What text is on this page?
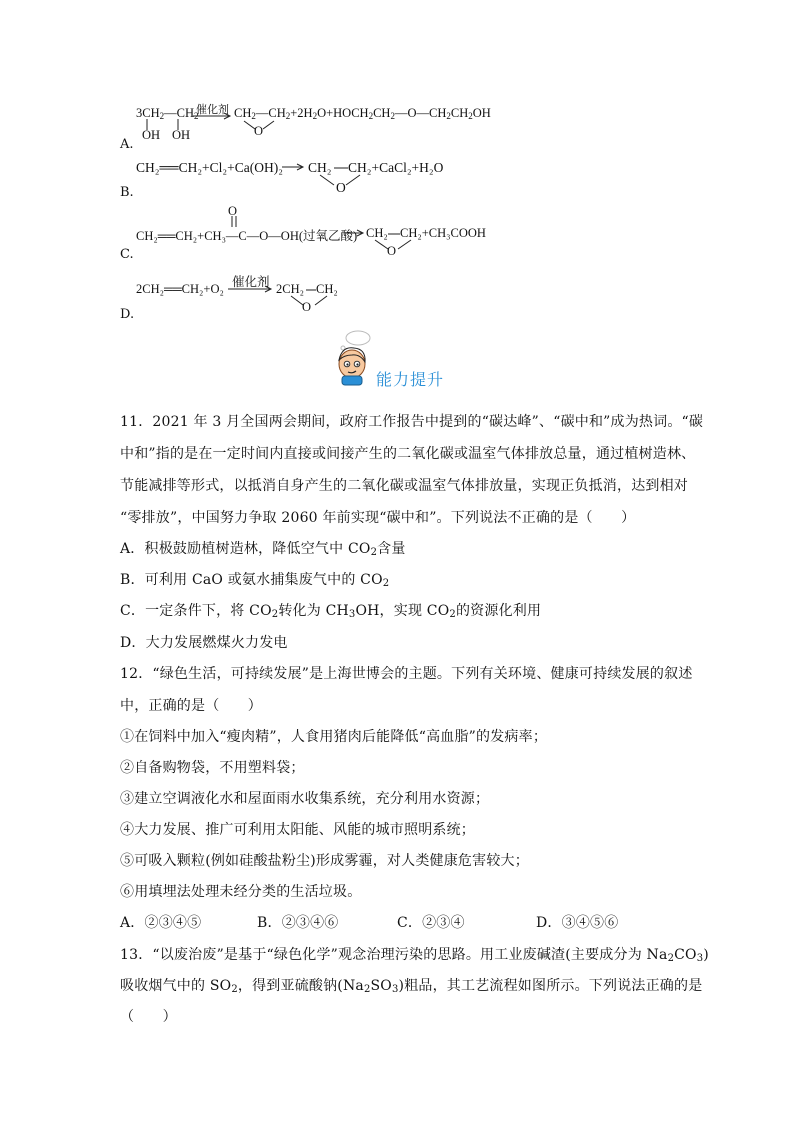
$3CH_2—CH_2$
OH OH
催化剂 $CH_2—CH_2+2H_2O+HOCH_2CH_2—O—CH_2CH_2OH$
O
A.
CH₂══CH₂+Cl₂+Ca(OH)₂ CH₂ CH₂+CaCl₂+H₂O
O
B.
O
CH₂══CH₂+CH₃—C—O—OH(过氧乙酸) CH₂ CH₂+CH₃COOH
O
C.
2CH₂══CH₂+O₂ 催化剂 2CH₂ CH₂
O
D.
能力提升
11．2021 年 3 月全国两会期间，政府工作报告中提到的“碳达峰”、“碳中和”成为热词。“碳
中和”指的是在一定时间内直接或间接产生的二氧化碳或温室气体排放总量，通过植树造林、
节能减排等形式，以抵消自身产生的二氧化碳或温室气体排放量，实现正负抵消，达到相对
“零排放”，中国努力争取 2060 年前实现“碳中和”。下列说法不正确的是（　　）
A．积极鼓励植树造林，降低空气中 $CO_2$含量
B．可利用 CaO 或氨水捕集废气中的 $CO_2$
C．一定条件下，将 $CO_2$转化为 $CH_3OH$，实现 $CO_2$的资源化利用
D．大力发展燃煤火力发电
12．“绿色生活，可持续发展”是上海世博会的主题。下列有关环境、健康可持续发展的叙述
中，正确的是（　　）
①在饲料中加入“瘦肉精”，人食用猪肉后能降低“高血脂”的发病率；
②自备购物袋，不用塑料袋；
③建立空调液化水和屋面雨水收集系统，充分利用水资源；
④大力发展、推广可利用太阳能、风能的城市照明系统；
⑤可吸入颗粒(例如硅酸盐粉尘)形成雾霾，对人类健康危害较大；
⑥用填埋法处理未经分类的生活垃圾。
A．②③④⑤	B．②③④⑥	C．②③④	D．③④⑤⑥
13．“以废治废”是基于“绿色化学”观念治理污染的思路。用工业废碱渣(主要成分为 $Na_2CO_3$)
吸收烟气中的 $SO_2$，得到亚硫酸钠$(Na_2SO_3)$粗品，其工艺流程如图所示。下列说法正确的是
（　　）
